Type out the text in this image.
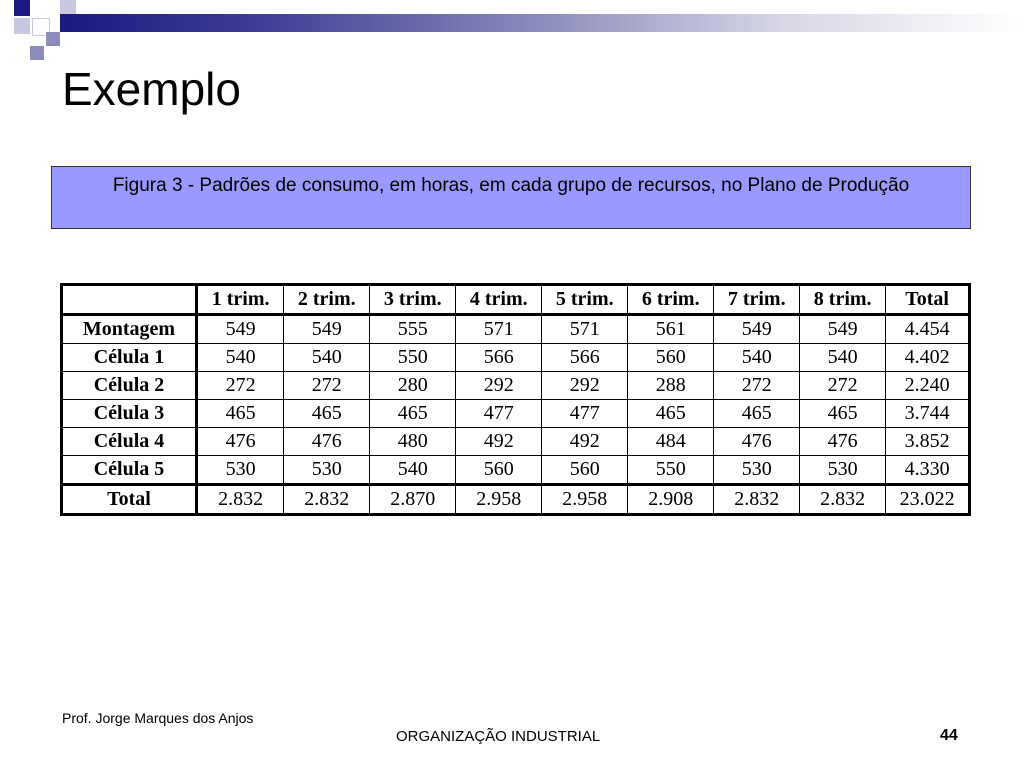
Exemplo
Figura 3 - Padrões de consumo, em horas, em cada grupo de recursos, no Plano de Produção
	1 trim.	2 trim.	3 trim.	4 trim.	5 trim.	6 trim.	7 trim.	8 trim.	Total
Montagem	549	549	555	571	571	561	549	549	4.454
Célula 1	540	540	550	566	566	560	540	540	4.402
Célula 2	272	272	280	292	292	288	272	272	2.240
Célula 3	465	465	465	477	477	465	465	465	3.744
Célula 4	476	476	480	492	492	484	476	476	3.852
Célula 5	530	530	540	560	560	550	530	530	4.330
Total	2.832	2.832	2.870	2.958	2.958	2.908	2.832	2.832	23.022
Prof. Jorge Marques dos Anjos
ORGANIZAÇÃO INDUSTRIAL	44
